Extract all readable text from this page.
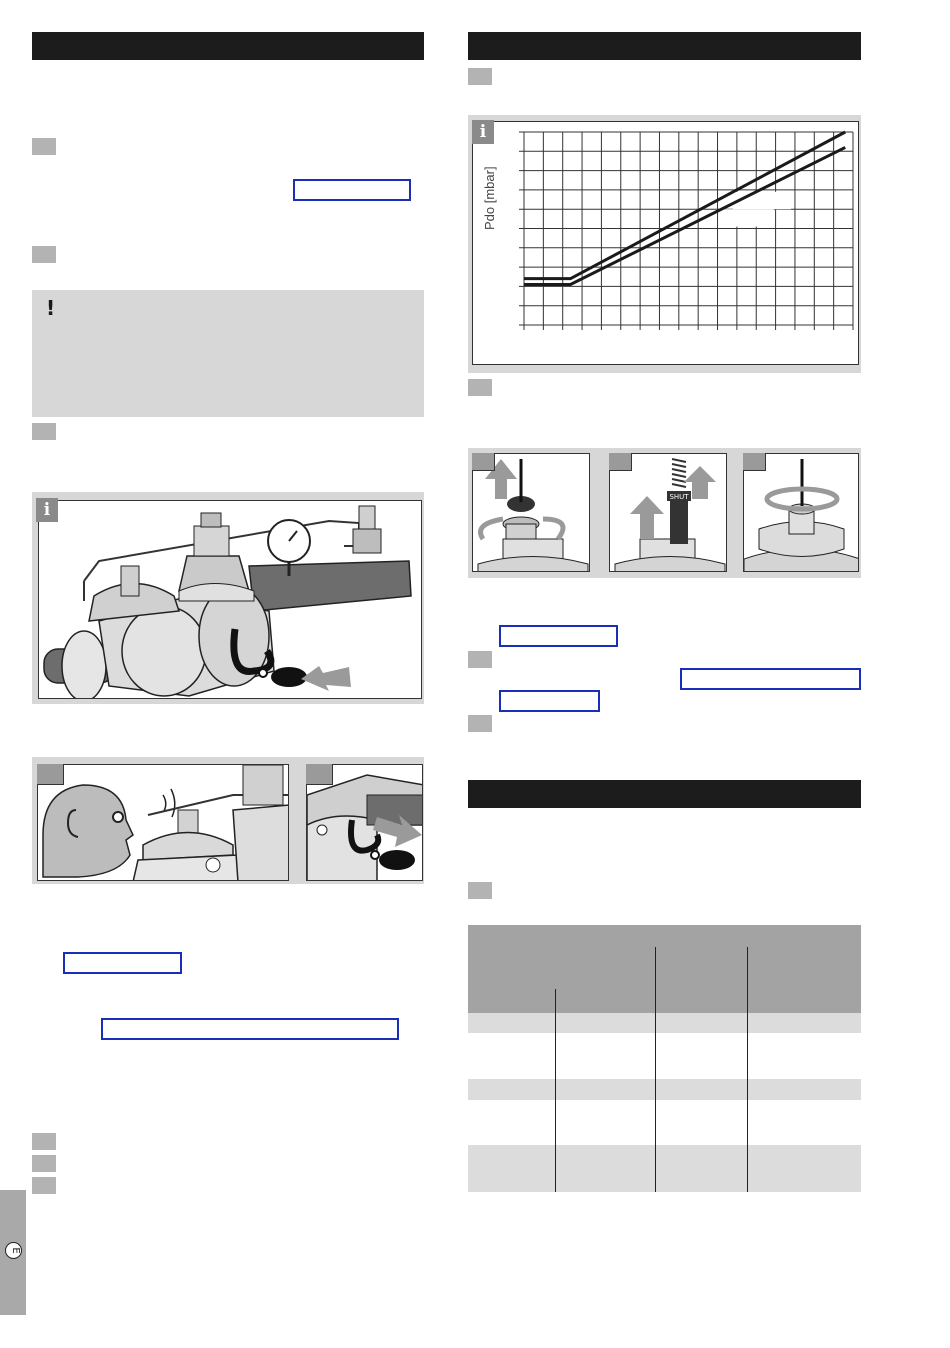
!
i
E
i
Pdo [mbar]
SHUT
